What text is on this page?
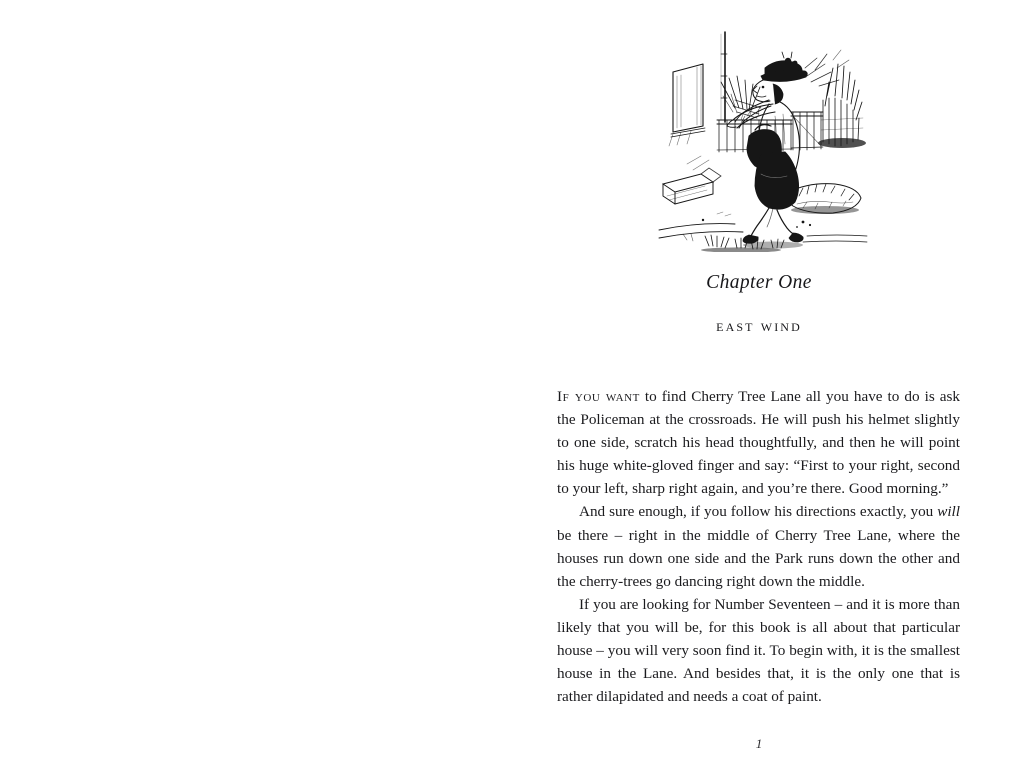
Chapter One
east wind

If you want to find Cherry Tree Lane all you have to do is ask the Policeman at the crossroads. He will push his helmet slightly to one side, scratch his head thoughtfully, and then he will point his huge white-gloved finger and say: “First to your right, second to your left, sharp right again, and you’re there. Good morning.”

And sure enough, if you follow his directions exactly, you will be there – right in the middle of Cherry Tree Lane, where the houses run down one side and the Park runs down the other and the cherry-trees go dancing right down the middle.

If you are looking for Number Seventeen – and it is more than likely that you will be, for this book is all about that particular house – you will very soon find it. To begin with, it is the smallest house in the Lane. And besides that, it is the only one that is rather dilapidated and needs a coat of paint.

1
